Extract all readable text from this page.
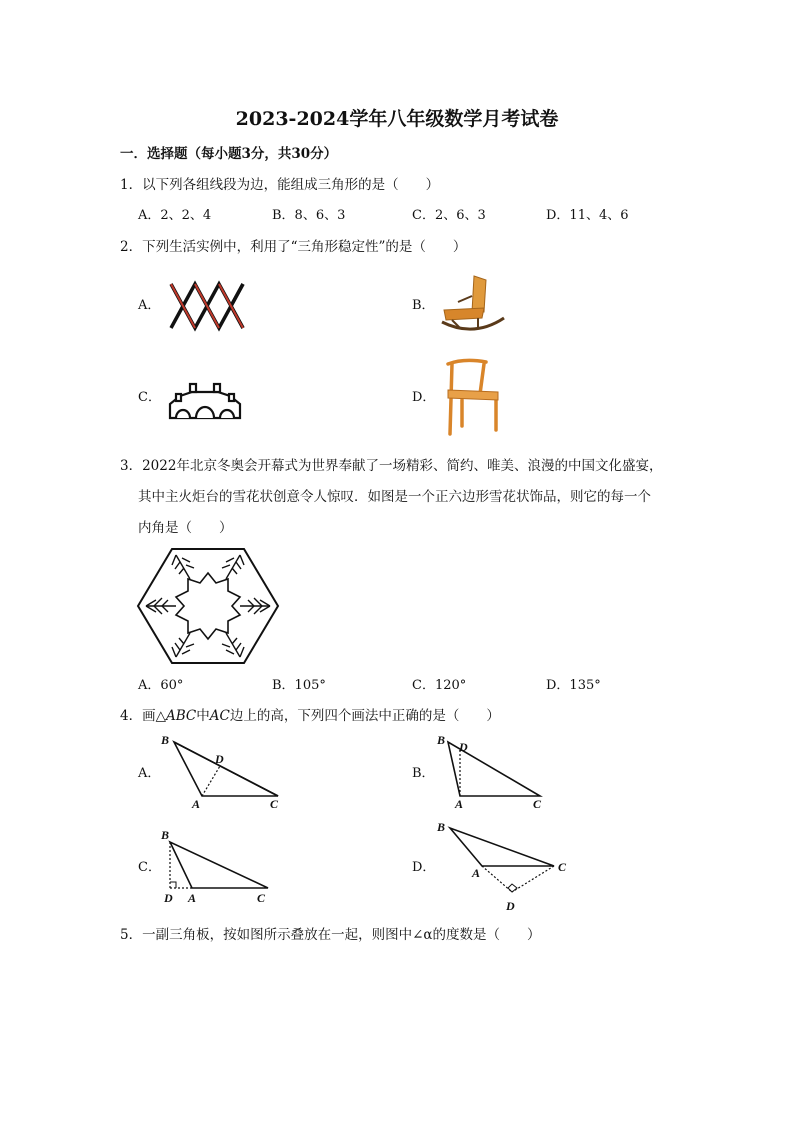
2023-2024学年八年级数学月考试卷
一．选择题（每小题3分，共30分）
1．以下列各组线段为边，能组成三角形的是（　　）
A．2、2、4	B．8、6、3	C．2、6、3	D．11、4、6
2．下列生活实例中，利用了“三角形稳定性”的是（　　）
A．	B．
C．	D．
3．2022年北京冬奥会开幕式为世界奉献了一场精彩、简约、唯美、浪漫的中国文化盛宴，
其中主火炬台的雪花状创意令人惊叹．如图是一个正六边形雪花状饰品，则它的每一个
内角是（　　）
A．60°	B．105°	C．120°	D．135°
4．画△ABC中AC边上的高，下列四个画法中正确的是（　　）
A．
B
D
A	C
B．
B D
A	C
C．
B
D A	C
D．
B
A	C
D
5．一副三角板，按如图所示叠放在一起，则图中∠α的度数是（　　）
